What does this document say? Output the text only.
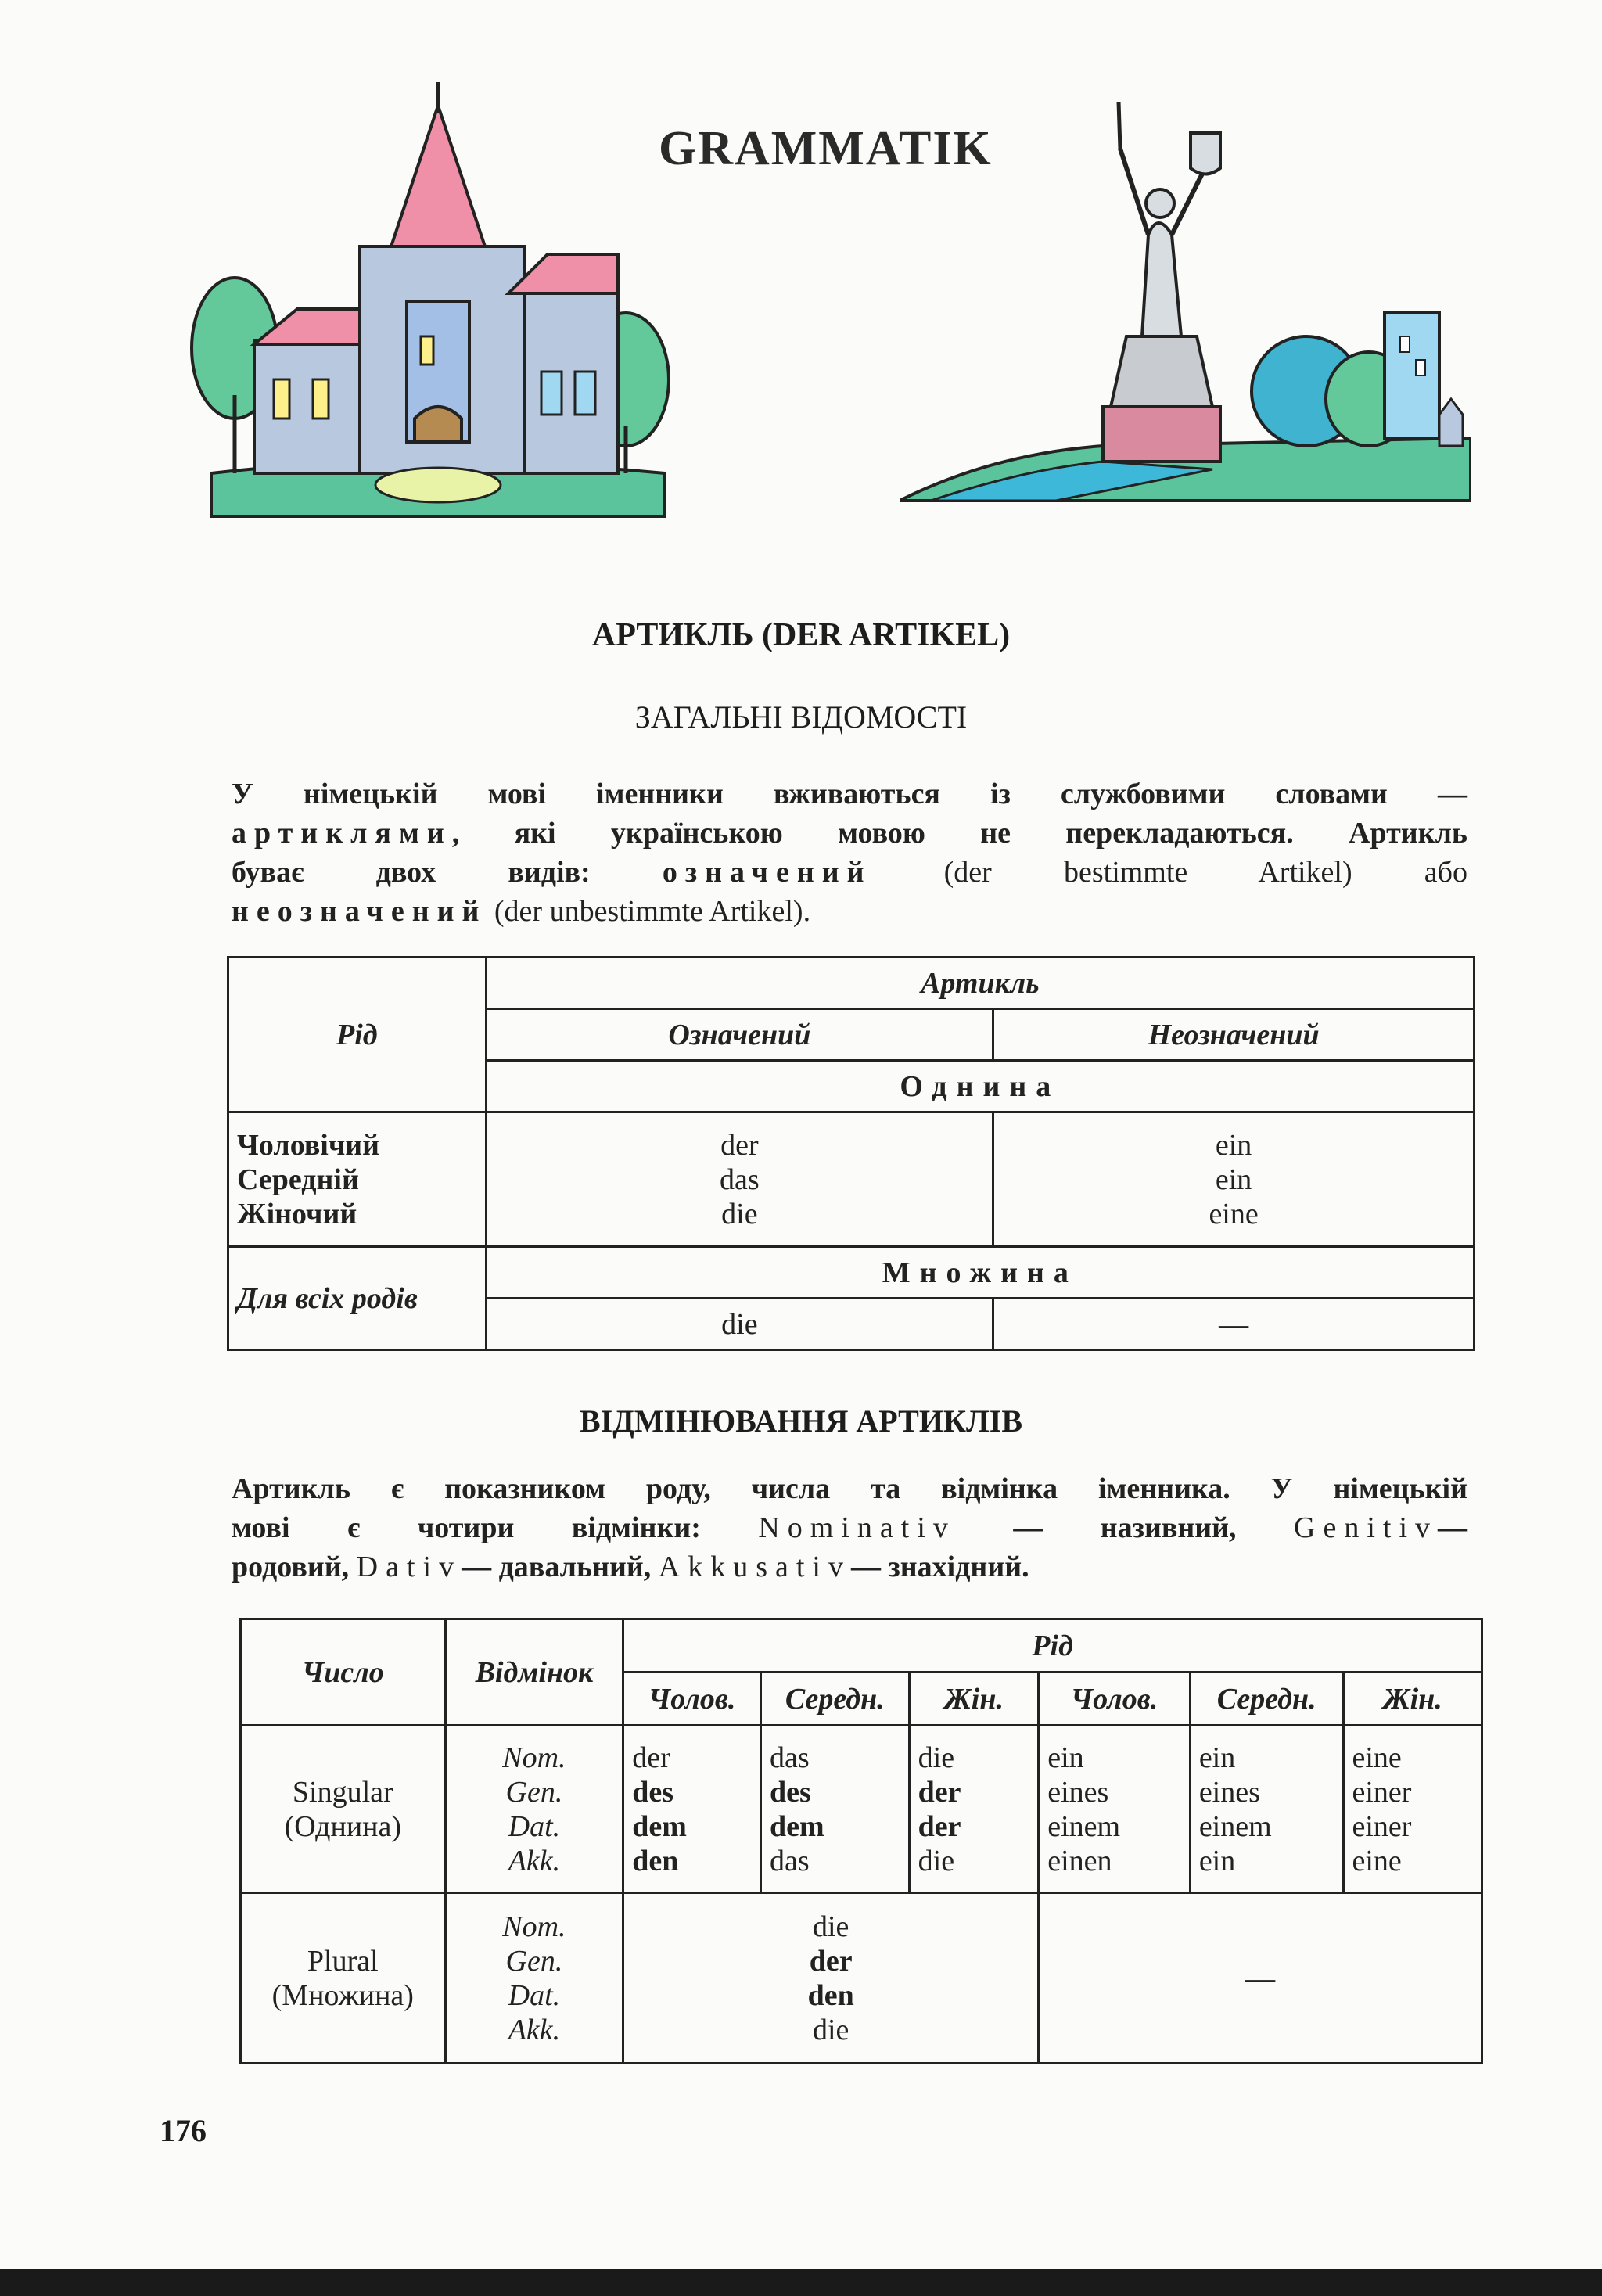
GRAMMATIK
АРТИКЛЬ (DER ARTIKEL)
ЗАГАЛЬНІ ВІДОМОСТІ
У німецькій мові іменники вживаються із службовими словами —
артиклями, які українською мовою не перекладаються. Артикль
буває двох видів: означений (der bestimmte Artikel) або
неозначений (der unbestimmte Artikel).
Рід	Артикль	
	Означений	Неозначений
	Однина	

Чоловічий
Середній
Жіночий	der
das
die	ein
ein
eine

Для всіх родів	Множина	
	die	—
ВІДМІНЮВАННЯ АРТИКЛІВ
Артикль є показником роду, числа та відмінка іменника. У німецькій
мові є чотири відмінки: Nominativ — називний, Genitiv—
родовий, Dativ— давальний, Akkusativ— знахідний.
Число	Відмінок	Рід					
		Чолов.	Середн.	Жін.	Чолов.	Середн.	Жін.

Singular
(Однина)	Nom.
Gen.
Dat.
Akk.	der
des
dem
den	das
des
dem
das	die
der
der
die	ein
eines
einem
einen	ein
eines
einem
ein	eine
einer
einer
eine

Plural
(Множина)	Nom.
Gen.
Dat.
Akk.	die
der
den
die			—		
176
